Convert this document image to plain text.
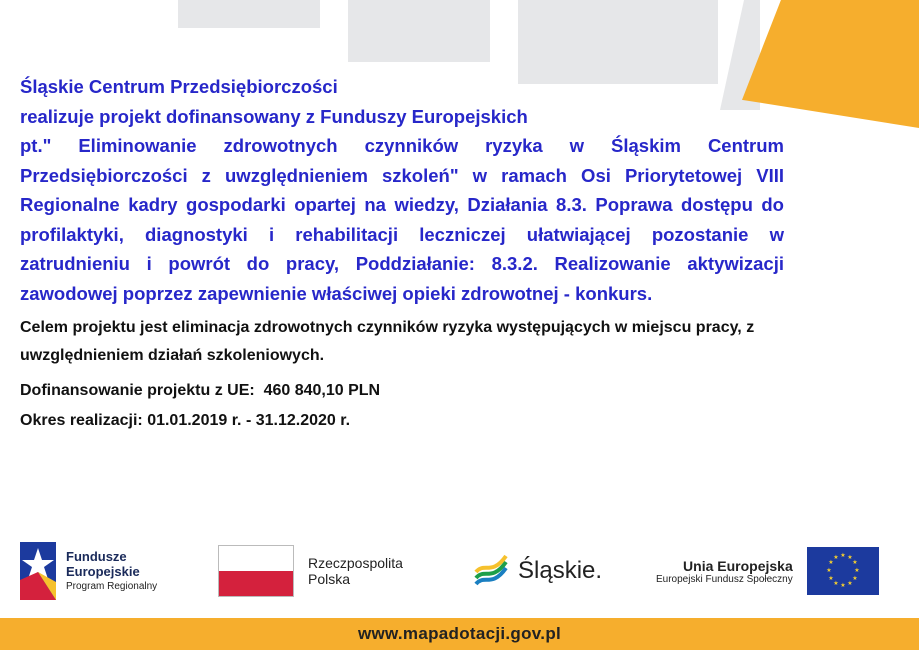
Śląskie Centrum Przedsiębiorczości

realizuje projekt dofinansowany z Funduszy Europejskich

pt." Eliminowanie zdrowotnych czynników ryzyka w Śląskim Centrum Przedsiębiorczości z uwzględnieniem szkoleń" w ramach Osi Priorytetowej VIII Regionalne kadry gospodarki opartej na wiedzy, Działania 8.3. Poprawa dostępu do profilaktyki, diagnostyki i rehabilitacji leczniczej ułatwiającej pozostanie w zatrudnieniu i powrót do pracy, Poddziałanie: 8.3.2. Realizowanie aktywizacji zawodowej poprzez zapewnienie właściwej opieki zdrowotnej - konkurs.

Celem projektu jest eliminacja zdrowotnych czynników ryzyka występujących w miejscu pracy, z uwzględnieniem działań szkoleniowych.

Dofinansowanie projektu z UE: 460 840,10 PLN

Okres realizacji: 01.01.2019 r. - 31.12.2020 r.

Fundusze
Europejskie
Program Regionalny
Rzeczpospolita
Polska	Śląskie.	Unia Europejska
Europejski Fundusz Społeczny
★ ★
★
★
★
★
★
★
★
★
★
★
www.mapadotacji.gov.pl
